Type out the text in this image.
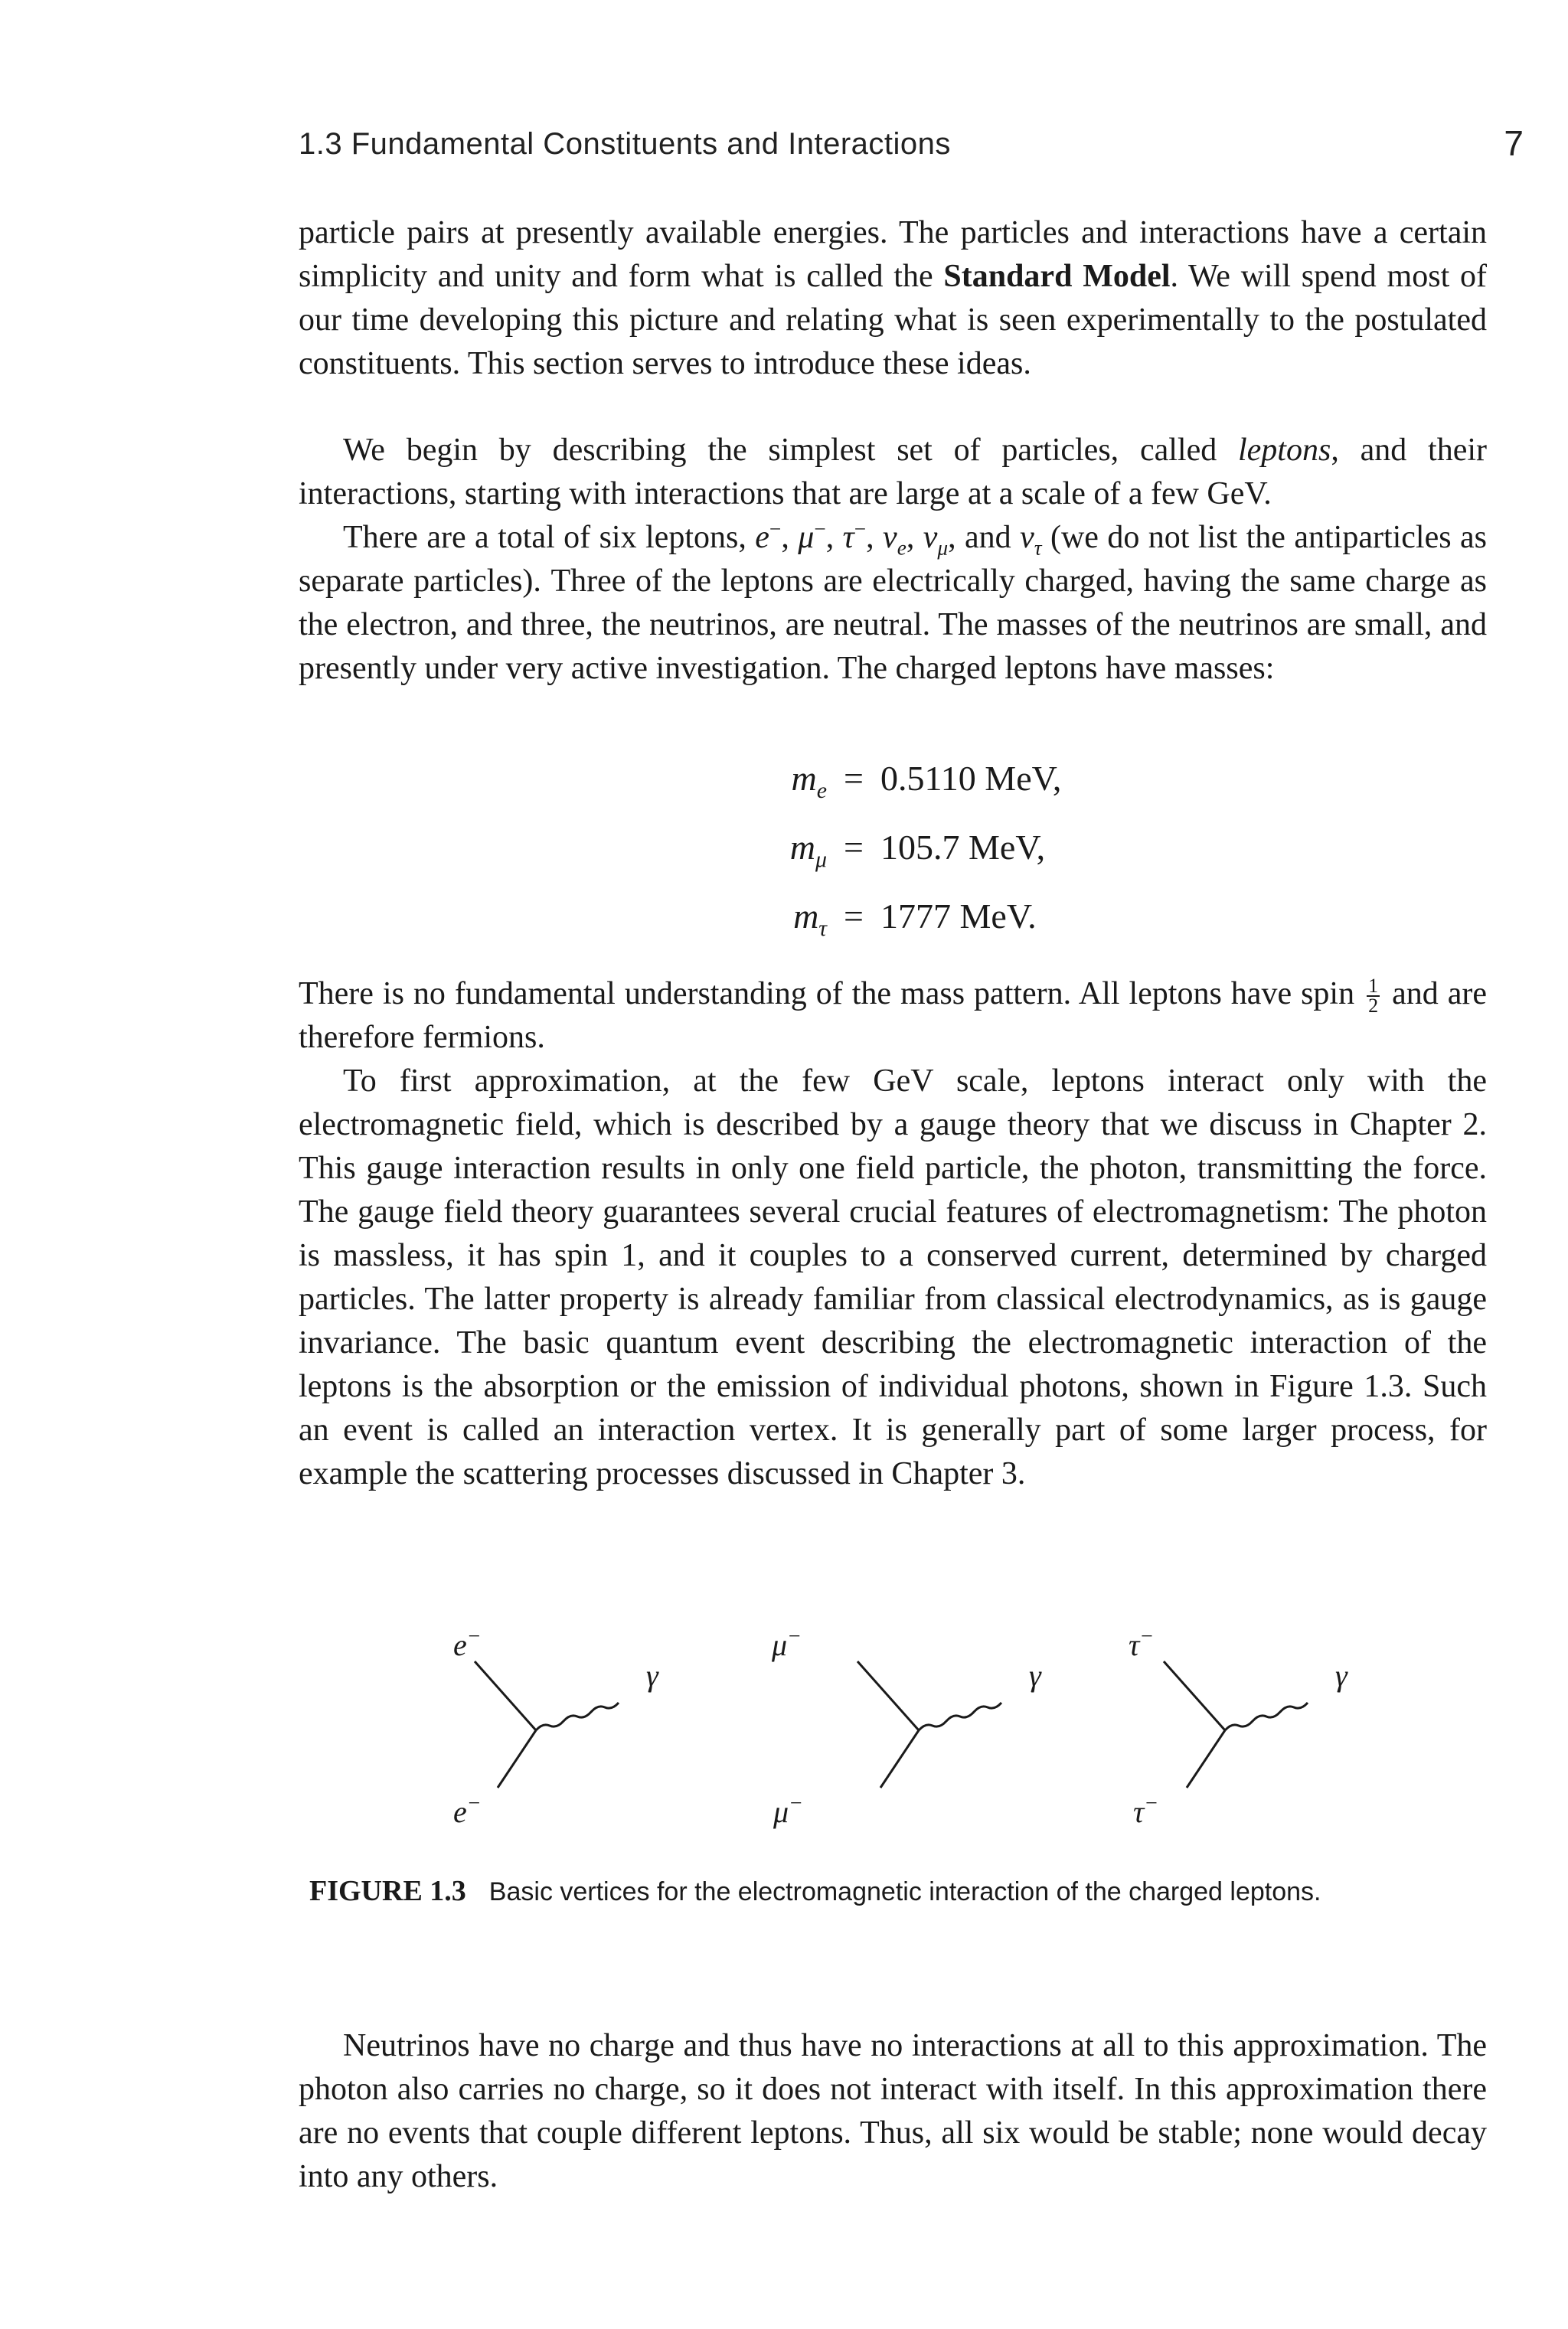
1.3 Fundamental Constituents and Interactions	7

particle pairs at presently available energies. The particles and interactions have a certain simplicity and unity and form what is called the Standard Model. We will spend most of our time developing this picture and relating what is seen experimentally to the postulated constituents. This section serves to introduce these ideas.

We begin by describing the simplest set of particles, called leptons, and their interactions, starting with interactions that are large at a scale of a few GeV.

There are a total of six leptons, e−, μ−, τ−, $\nu_e$, $\nu_\mu$, and $\nu_\tau$ (we do not list the antiparticles as separate particles). Three of the leptons are electrically charged, having the same charge as the electron, and three, the neutrinos, are neutral. The masses of the neutrinos are small, and presently under very active investigation. The charged leptons have masses:

$m_e = 0.5110$ MeV,
$m_\mu = 105.7$ MeV,
$m_\tau = 1777$ MeV.

There is no fundamental understanding of the mass pattern. All leptons have spin $\frac{1}{2}$ and are therefore fermions.

To first approximation, at the few GeV scale, leptons interact only with the electromagnetic field, which is described by a gauge theory that we discuss in Chapter 2. This gauge interaction results in only one field particle, the photon, transmitting the force. The gauge field theory guarantees several crucial features of electromagnetism: The photon is massless, it has spin 1, and it couples to a conserved current, determined by charged particles. The latter property is already familiar from classical electrodynamics, as is gauge invariance. The basic quantum event describing the electromagnetic interaction of the leptons is the absorption or the emission of individual photons, shown in Figure 1.3. Such an event is called an interaction vertex. It is generally part of some larger process, for example the scattering processes discussed in Chapter 3.

e−
e−
γ
μ−
μ−
γ
τ−
τ−
γ
FIGURE 1.3 Basic vertices for the electromagnetic interaction of the charged leptons.

Neutrinos have no charge and thus have no interactions at all to this approximation. The photon also carries no charge, so it does not interact with itself. In this approximation there are no events that couple different leptons. Thus, all six would be stable; none would decay into any others.
